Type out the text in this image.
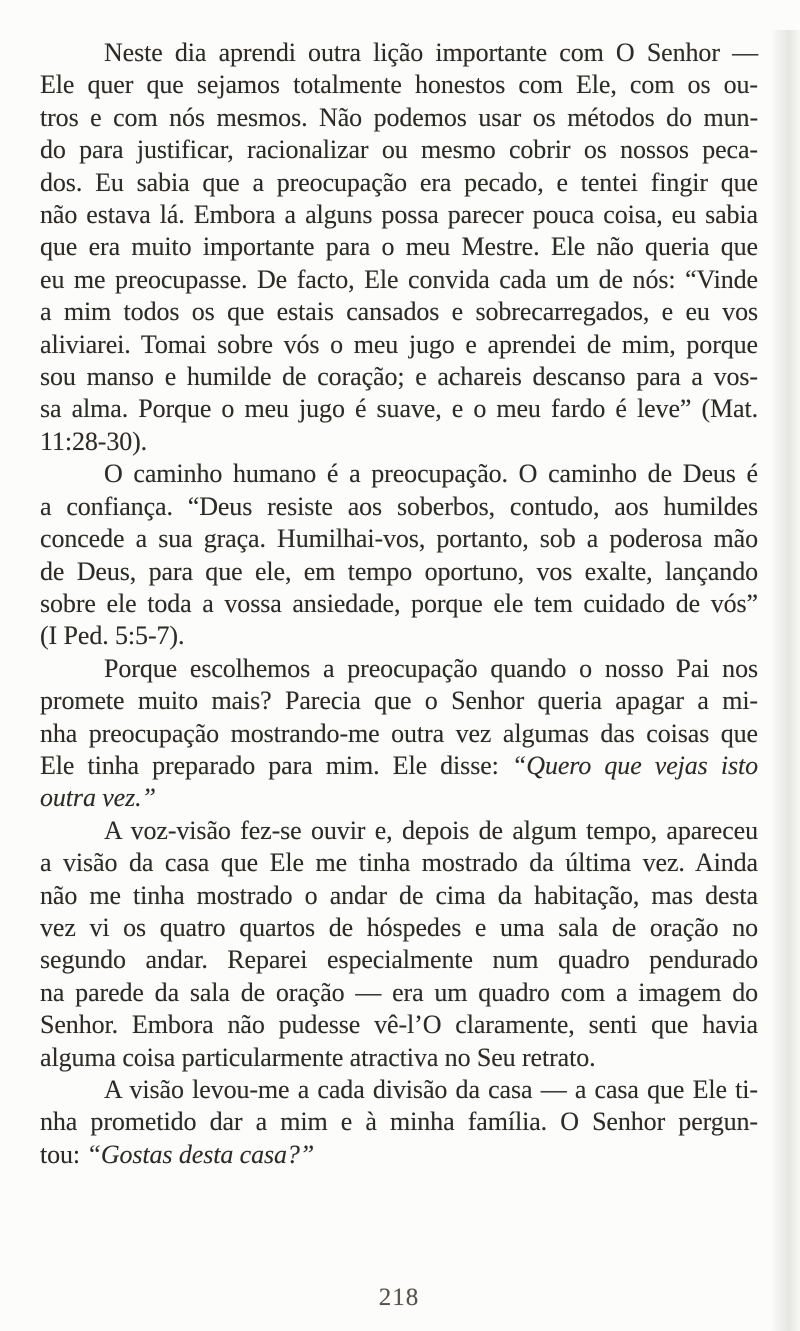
Neste dia aprendi outra lição importante com O Senhor —
Ele quer que sejamos totalmente honestos com Ele, com os ou-
tros e com nós mesmos. Não podemos usar os métodos do mun-
do para justificar, racionalizar ou mesmo cobrir os nossos peca-
dos. Eu sabia que a preocupação era pecado, e tentei fingir que
não estava lá. Embora a alguns possa parecer pouca coisa, eu sabia
que era muito importante para o meu Mestre. Ele não queria que
eu me preocupasse. De facto, Ele convida cada um de nós: “Vinde
a mim todos os que estais cansados e sobrecarregados, e eu vos
aliviarei. Tomai sobre vós o meu jugo e aprendei de mim, porque
sou manso e humilde de coração; e achareis descanso para a vos-
sa alma. Porque o meu jugo é suave, e o meu fardo é leve” (Mat.
11:28-30).
O caminho humano é a preocupação. O caminho de Deus é
a confiança. “Deus resiste aos soberbos, contudo, aos humildes
concede a sua graça. Humilhai-vos, portanto, sob a poderosa mão
de Deus, para que ele, em tempo oportuno, vos exalte, lançando
sobre ele toda a vossa ansiedade, porque ele tem cuidado de vós”
(I Ped. 5:5-7).
Porque escolhemos a preocupação quando o nosso Pai nos
promete muito mais? Parecia que o Senhor queria apagar a mi-
nha preocupação mostrando-me outra vez algumas das coisas que
Ele tinha preparado para mim. Ele disse: “Quero que vejas isto
outra vez.”
A voz-visão fez-se ouvir e, depois de algum tempo, apareceu
a visão da casa que Ele me tinha mostrado da última vez. Ainda
não me tinha mostrado o andar de cima da habitação, mas desta
vez vi os quatro quartos de hóspedes e uma sala de oração no
segundo andar. Reparei especialmente num quadro pendurado
na parede da sala de oração — era um quadro com a imagem do
Senhor. Embora não pudesse vê-l’O claramente, senti que havia
alguma coisa particularmente atractiva no Seu retrato.
A visão levou-me a cada divisão da casa — a casa que Ele ti-
nha prometido dar a mim e à minha família. O Senhor pergun-
tou: “Gostas desta casa?”
218
